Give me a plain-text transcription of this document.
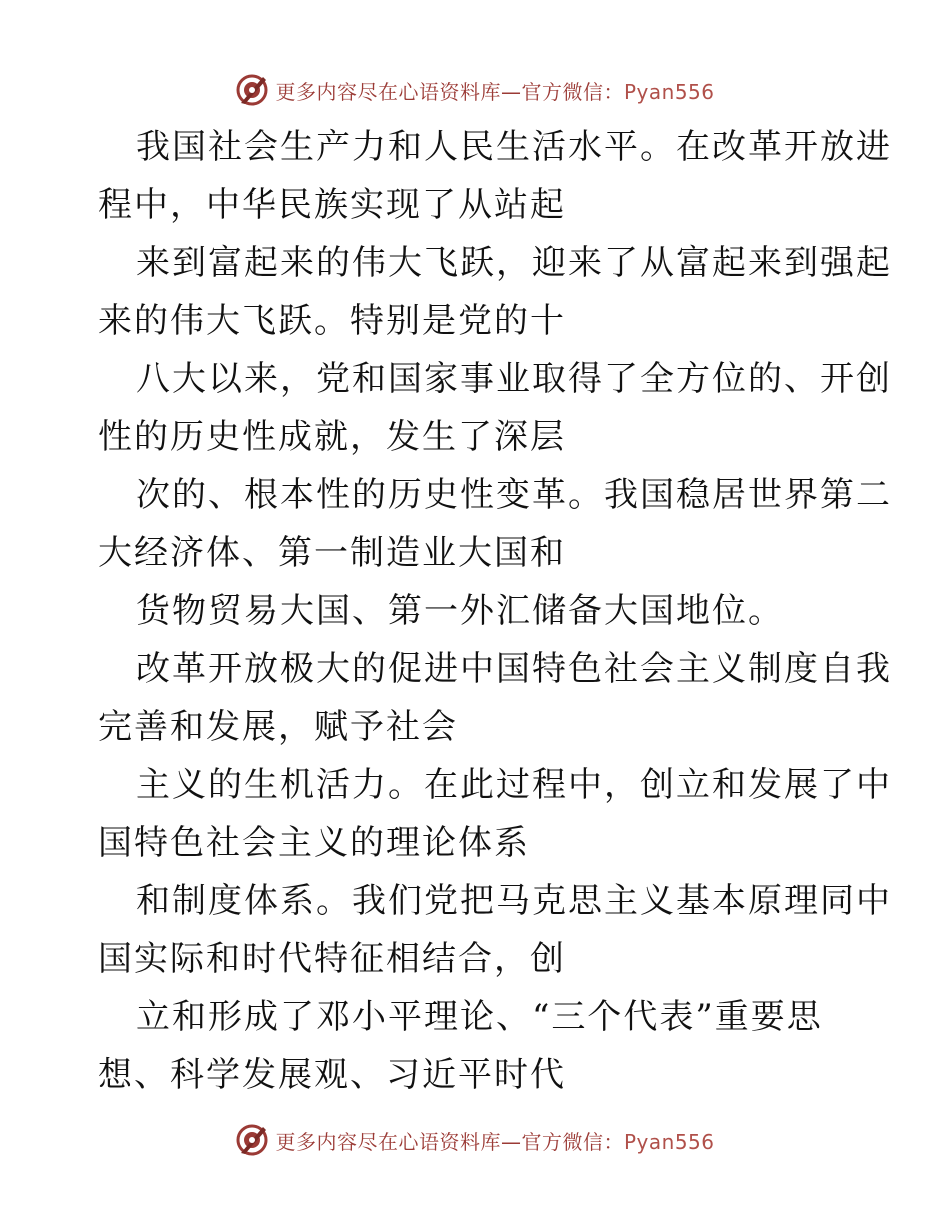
更多内容尽在心语资料库—官方微信：Pyan556
我国社会生产力和人民生活水平。在改革开放进
程中，中华民族实现了从站起
来到富起来的伟大飞跃，迎来了从富起来到强起
来的伟大飞跃。特别是党的十
八大以来，党和国家事业取得了全方位的、开创
性的历史性成就，发生了深层
次的、根本性的历史性变革。我国稳居世界第二
大经济体、第一制造业大国和
货物贸易大国、第一外汇储备大国地位。
改革开放极大的促进中国特色社会主义制度自我
完善和发展，赋予社会
主义的生机活力。在此过程中，创立和发展了中
国特色社会主义的理论体系
和制度体系。我们党把马克思主义基本原理同中
国实际和时代特征相结合，创
立和形成了邓小平理论、“三个代表”重要思
想、科学发展观、习近平时代
更多内容尽在心语资料库—官方微信：Pyan556
